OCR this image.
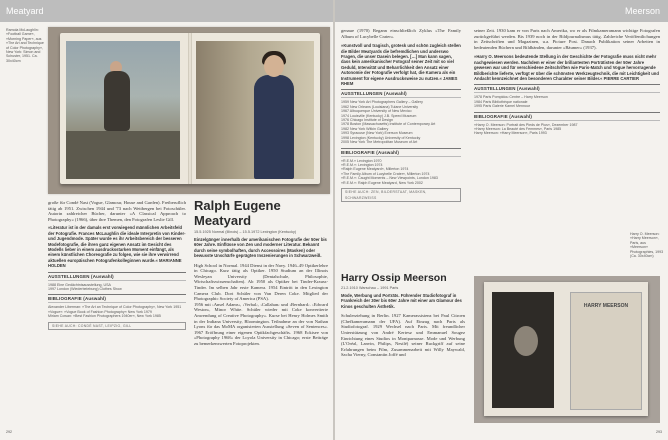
Meatyard
Ramola McLaughlin: »Football Game«, »Morning Paper«, aus »The Art and Technique of Color Photography«, New York: Simon and Schuster, 1951. Ca. 30x40cm
große für Condé Nast (Vogue, Glamour, House and Garden). Freiberuflich tätig ab 1951. Zwischen 1944 und '73 nach Wettbergen bei Fotoschüler. Autorin zahlreicher Bücher, darunter »A Classical Approach to Photography« (1966), über ihre Themen, den Fotografen Leslie Gill.
»Literatur ist in der damals erst vorwiegend männlichen Arbeitsfeld der Fotografie. Frances McLaughlin die ideale Interpretin von Kinder- und Jugendmode. Später wurde es ihr Arbeitsbereich der besseren Modefotografie, die ihren ganz eigenen Ansatz im Gesicht des Modells lieber in einem ausdrucksstarken Moment einfängt, als einem künstlichen Choreografie zu folgen, wie sie ihre verwirrend aktuellen europäischen Fotografenkolleginnen wurde.« MARIANNE HOLDEN
AUSSTELLUNGEN (Auswahl)
1988 Eine Gedächtnisausstellung, USA
1997 London (Wiederbelebung) Clothes Show
BIBLIOGRAFIE (Auswahl)
Alexander Liberman: »The Art an Technique of Color Photography«, New York 1951
»Vogue«: »Vogue Book of Fashion Photography« New York 1979
Miriam Cowan: »Best Fashion Photographers 1940er«, New York 1985
SIEHE AUCH: CONDÉ NAST, LEIPZIG, GILL
Ralph Eugene Meatyard
15.5.1925 Normal (Illinois) – 15.5.1972 Lexington (Kentucky)
Einzelgänger innerhalb der amerikanischen Fotografie der 50er bis 60er Jahre. Einflüsse von Zen und moderner Literatur. Bekannt durch seine symbolhaften, durch Accessoires (Masken) oder bewusste Unschärfe geprägten Inszenierungen in Schwarzweiß.
High School in Normal. 1944 Dienst in der Navy. 1946–49 Optikerlehre in Chicago. Kurz tätig als Optiker. 1950 Studium an der Illinois Wesleyan University (Dentalschule, Philosophie, Wirtschaftswissenschaften). Ab 1950 als Optiker bei Tinder-Krauss-Tinder. Im selben Jahr erste Kamera. 1954 Eintritt in den Lexington Camera Club. Dort Schüler von Van Deren Coke. Mitglied der Photographic Society of America (PSA).
1956 mit ›Ansel Adams‹, ›Verbal‹, ›Callahan‹ und ›Bernhard‹. ›Edward Weston‹, Minor White. Schüler wieder mit Coke konvertierte Anwendung of Creative Photography«. Kurse bei Henry Holmes Smith in der Indiana University, Bloomington. Teilnahme an der von Nathan Lyons für das MoMA organisierten Ausstellung »Seven of Sentences«. 1967 Eröffnung einer eigenen Optikfachgeschäfts. 1968 Eckisee von »Photography 1968« der Loyola University in Chicago; erste Beiträge zu bemerkenswerten Fotoprojekten.
292
Meerson
genaue (1970) Begann einschließlich Zyklus »The Family Album of Lucybelle Crater«.
»Kunstvoll und tragisch, grotesk und schön zugleich stellen die Bilder Meatyards die befremdlichen und anderswo Fragen, die unser Dasein belegen. […] Man kann sagen, dass kein amerikanischer Fotograf seiner Zeit mit so viel Geduld, Intensität und Beharrlichkeit den Ansatz einer Autonomie der Fotografie verfolgt hat, die Kamera als ein Instrument für eigene Ausdrucksweise zu nutzen.« JAMES RHEM
AUSSTELLUNGEN (Auswahl)
1959 New York Art Photographers Gallery – Gallery
1962 New Orleans (Louisiana) Tulane University
1967 Albuquerque University of New Mexico
1974 Louisville (Kentucky) J.B. Speed Museum
1976 Chicago Institute of Design
1978 Boston (Massachusetts) Institute of Contemporary Art
1982 New York Witkin Gallery
1993 Syracuse (New York) Everson Museum
1998 Lexington (Kentucky) University of Kentucky
2005 New York The Metropolitan Museum of Art
BIBLIOGRAFIE (Auswahl)
»R.E.M.« Lexington 1970
»R.E.M.«: Lexington 1974
»Ralph Eugene Meatyard«, Millerton 1974
»The Family Album of Lucybelle Crater«, Millerton 1974
»R.E.M.«: Caught Moments – New Viewpoints, London 1983
»R.E.M.«: Ralph Eugene Meatyard, New York 2002
SIEHE AUCH: ZEN, BILDERSTAAT, MASKEN, SCHWARZWEISS
seiner Zeit. 1930 kam er von Paris nach Amerika, wo er als Filmkameramann wichtige Fotografen zurückgeführt werden. Bis 1939 noch in der Bildjournalismus tätig. Zahlreiche Veröffentlichungen in Zeitschriften und Magazinen, u.a. Picture Post. Danach Publikation seiner Arbeiten in bedeutenden Büchern und Bildbänden, darunter »Bäumer« (1937).
»Harry O. Meersons bedeutende Stellung in der Geschichte der Fotografie muss nicht mehr nachgewiesen werden. Nachdem er einer der brillantesten Porträtisten der 50er Jahre gewesen war und für verschiedene Zeitschriften wie Paris-Match und Vogue hervorragende Bildberichte lieferte, verfügt er über die schönsten Werkzeugtechnik, die mit Leichtigkeit und Andacht kennzeichnet den besonderen Charakter seiner Bilder.« PIERRE CARTIER
AUSSTELLUNGEN (Auswahl)
1978 Paris Pompidou Centre – Harry Meerson
1984 Paris Bibliothèque nationale
1995 Paris Galerie Kamel Mennour
BIBLIOGRAFIE (Auswahl)
»Harry O. Meerson: Portrait des Pieds de Pius«, Dezember 1987
»Harry Meerson: La Beauté des Femmes«, Paris 1985
Harry Meerson: »Harry Meerson«, Paris 1993
Harry Ossip Meerson
21.2.1910 Warschau – 1991 Paris
Mode, Werbung und Porträts. Führender Studiofotograf in Frankreich der 30er bis 60er Jahre mit einer am Glamour des Kinos geschulten Ästhetik.
Schulerziehung in Berlin. 1927 Kamerassistenz bei Paul Citroen (Chefkameramann der UFA). Auf Einzug nach Paris als Studiofotograf. 1929 Wechsel nach Paris. Mit freundlicher Unterstützung von André Kertesz und Emmanuel Sougez Einrichtung eines Studios in Montparnasse. Mode und Werbung (L'Oréal, Lanvin, Philips, Nestlé) seiner Ruckgriff auf seine Erfahrungen beim Film, Zusammenarbeit mit Willy Maywald, Sacha Vierny, Constantin Joffé und
HARRY MEERSON
Harry O. Meerson: »Harry Meerson«, Paris, aus »Meerson« Photographies, 1993 (Ca. 30x40cm)
293
